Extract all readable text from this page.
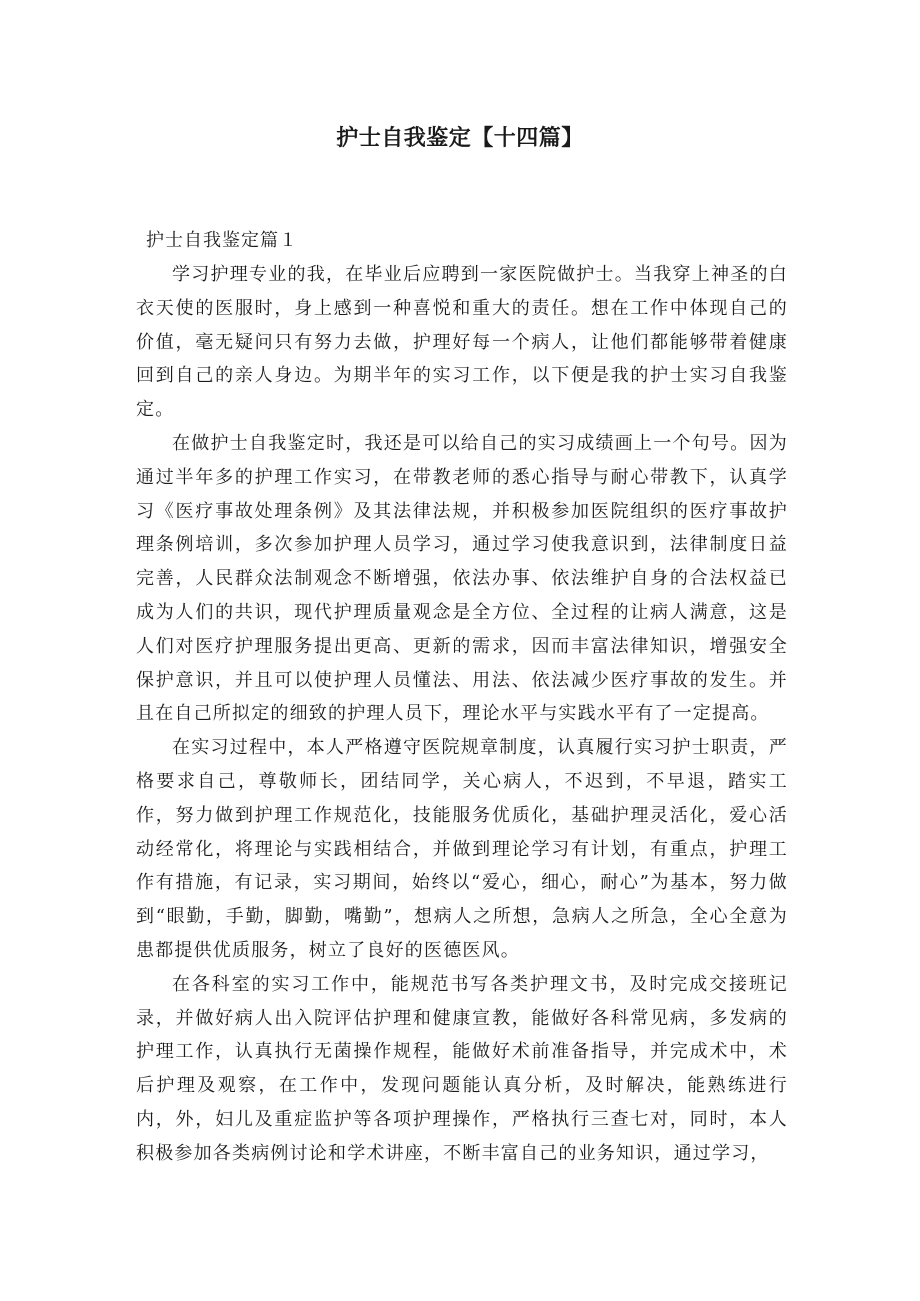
护士自我鉴定【十四篇】
护士自我鉴定篇１

学习护理专业的我，在毕业后应聘到一家医院做护士。当我穿上神圣的白衣天使的医服时，身上感到一种喜悦和重大的责任。想在工作中体现自己的价值，毫无疑问只有努力去做，护理好每一个病人，让他们都能够带着健康回到自己的亲人身边。为期半年的实习工作，以下便是我的护士实习自我鉴定。

在做护士自我鉴定时，我还是可以给自己的实习成绩画上一个句号。因为通过半年多的护理工作实习，在带教老师的悉心指导与耐心带教下，认真学习《医疗事故处理条例》及其法律法规，并积极参加医院组织的医疗事故护理条例培训，多次参加护理人员学习，通过学习使我意识到，法律制度日益完善，人民群众法制观念不断增强，依法办事、依法维护自身的合法权益已成为人们的共识，现代护理质量观念是全方位、全过程的让病人满意，这是人们对医疗护理服务提出更高、更新的需求，因而丰富法律知识，增强安全保护意识，并且可以使护理人员懂法、用法、依法减少医疗事故的发生。并且在自己所拟定的细致的护理人员下，理论水平与实践水平有了一定提高。

在实习过程中，本人严格遵守医院规章制度，认真履行实习护士职责，严格要求自己，尊敬师长，团结同学，关心病人，不迟到，不早退，踏实工作，努力做到护理工作规范化，技能服务优质化，基础护理灵活化，爱心活动经常化，将理论与实践相结合，并做到理论学习有计划，有重点，护理工作有措施，有记录，实习期间，始终以“爱心，细心，耐心”为基本，努力做到“眼勤，手勤，脚勤，嘴勤”，想病人之所想，急病人之所急，全心全意为患都提供优质服务，树立了良好的医德医风。

在各科室的实习工作中，能规范书写各类护理文书，及时完成交接班记录，并做好病人出入院评估护理和健康宣教，能做好各科常见病，多发病的护理工作，认真执行无菌操作规程，能做好术前准备指导，并完成术中，术后护理及观察，在工作中，发现问题能认真分析，及时解决，能熟练进行内，外，妇儿及重症监护等各项护理操作，严格执行三查七对，同时，本人积极参加各类病例讨论和学术讲座，不断丰富自己的业务知识，通过学习，
